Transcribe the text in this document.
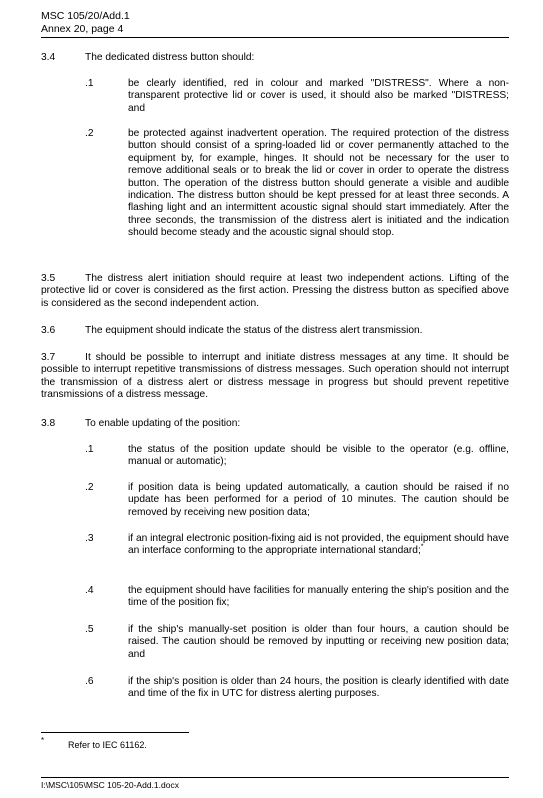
MSC 105/20/Add.1
Annex 20, page 4
3.4	The dedicated distress button should:
.1	be clearly identified, red in colour and marked "DISTRESS". Where a non-transparent protective lid or cover is used, it should also be marked "DISTRESS; and
.2	be protected against inadvertent operation. The required protection of the distress button should consist of a spring-loaded lid or cover permanently attached to the equipment by, for example, hinges. It should not be necessary for the user to remove additional seals or to break the lid or cover in order to operate the distress button. The operation of the distress button should generate a visible and audible indication. The distress button should be kept pressed for at least three seconds. A flashing light and an intermittent acoustic signal should start immediately. After the three seconds, the transmission of the distress alert is initiated and the indication should become steady and the acoustic signal should stop.
3.5	The distress alert initiation should require at least two independent actions. Lifting of the protective lid or cover is considered as the first action. Pressing the distress button as specified above is considered as the second independent action.
3.6	The equipment should indicate the status of the distress alert transmission.
3.7	It should be possible to interrupt and initiate distress messages at any time. It should be possible to interrupt repetitive transmissions of distress messages. Such operation should not interrupt the transmission of a distress alert or distress message in progress but should prevent repetitive transmissions of a distress message.
3.8	To enable updating of the position:
.1	the status of the position update should be visible to the operator (e.g. offline, manual or automatic);
.2	if position data is being updated automatically, a caution should be raised if no update has been performed for a period of 10 minutes. The caution should be removed by receiving new position data;
.3	if an integral electronic position-fixing aid is not provided, the equipment should have an interface conforming to the appropriate international standard;*
.4	the equipment should have facilities for manually entering the ship's position and the time of the position fix;
.5	if the ship's manually-set position is older than four hours, a caution should be raised. The caution should be removed by inputting or receiving new position data; and
.6	if the ship's position is older than 24 hours, the position is clearly identified with date and time of the fix in UTC for distress alerting purposes.
*	Refer to IEC 61162.
I:\MSC\105\MSC 105-20-Add.1.docx
